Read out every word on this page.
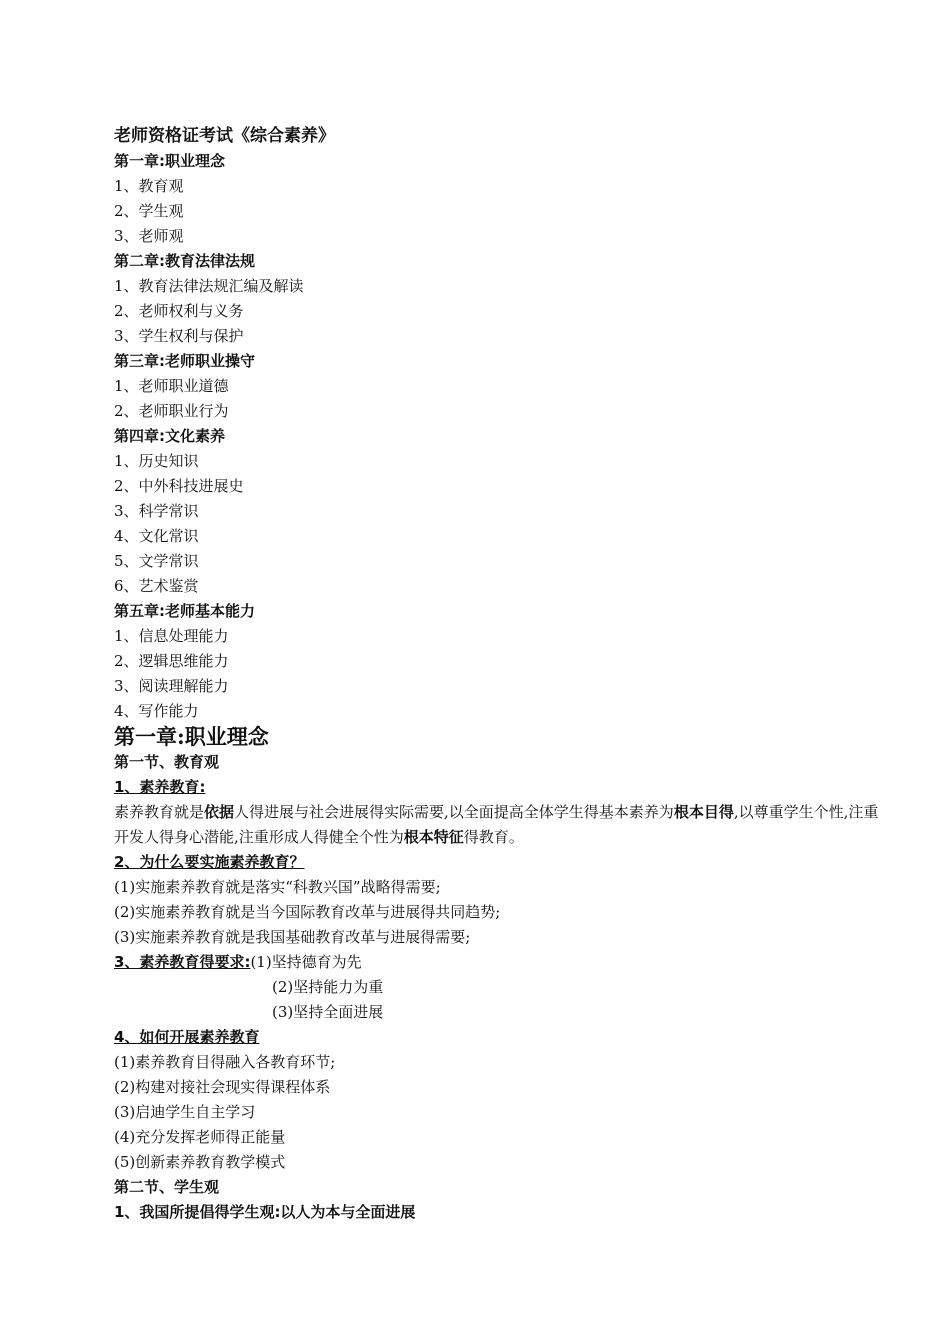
老师资格证考试《综合素养》
第一章:职业理念
1、教育观
2、学生观
3、老师观
第二章:教育法律法规
1、教育法律法规汇编及解读
2、老师权利与义务
3、学生权利与保护
第三章:老师职业操守
1、老师职业道德
2、老师职业行为
第四章:文化素养
1、历史知识
2、中外科技进展史
3、科学常识
4、文化常识
5、文学常识
6、艺术鉴赏
第五章:老师基本能力
1、信息处理能力
2、逻辑思维能力
3、阅读理解能力
4、写作能力
第一章:职业理念
第一节、教育观
1、素养教育:
素养教育就是依据人得进展与社会进展得实际需要,以全面提高全体学生得基本素养为根本目得,以尊重学生个性,注重开发人得身心潜能,注重形成人得健全个性为根本特征得教育。
2、为什么要实施素养教育？
(1)实施素养教育就是落实“科教兴国”战略得需要;
(2)实施素养教育就是当今国际教育改革与进展得共同趋势;
(3)实施素养教育就是我国基础教育改革与进展得需要;
3、素养教育得要求:(1)坚持德育为先
(2)坚持能力为重
(3)坚持全面进展
4、如何开展素养教育
(1)素养教育目得融入各教育环节;
(2)构建对接社会现实得课程体系
(3)启迪学生自主学习
(4)充分发挥老师得正能量
(5)创新素养教育教学模式
第二节、学生观
1、我国所提倡得学生观:以人为本与全面进展
